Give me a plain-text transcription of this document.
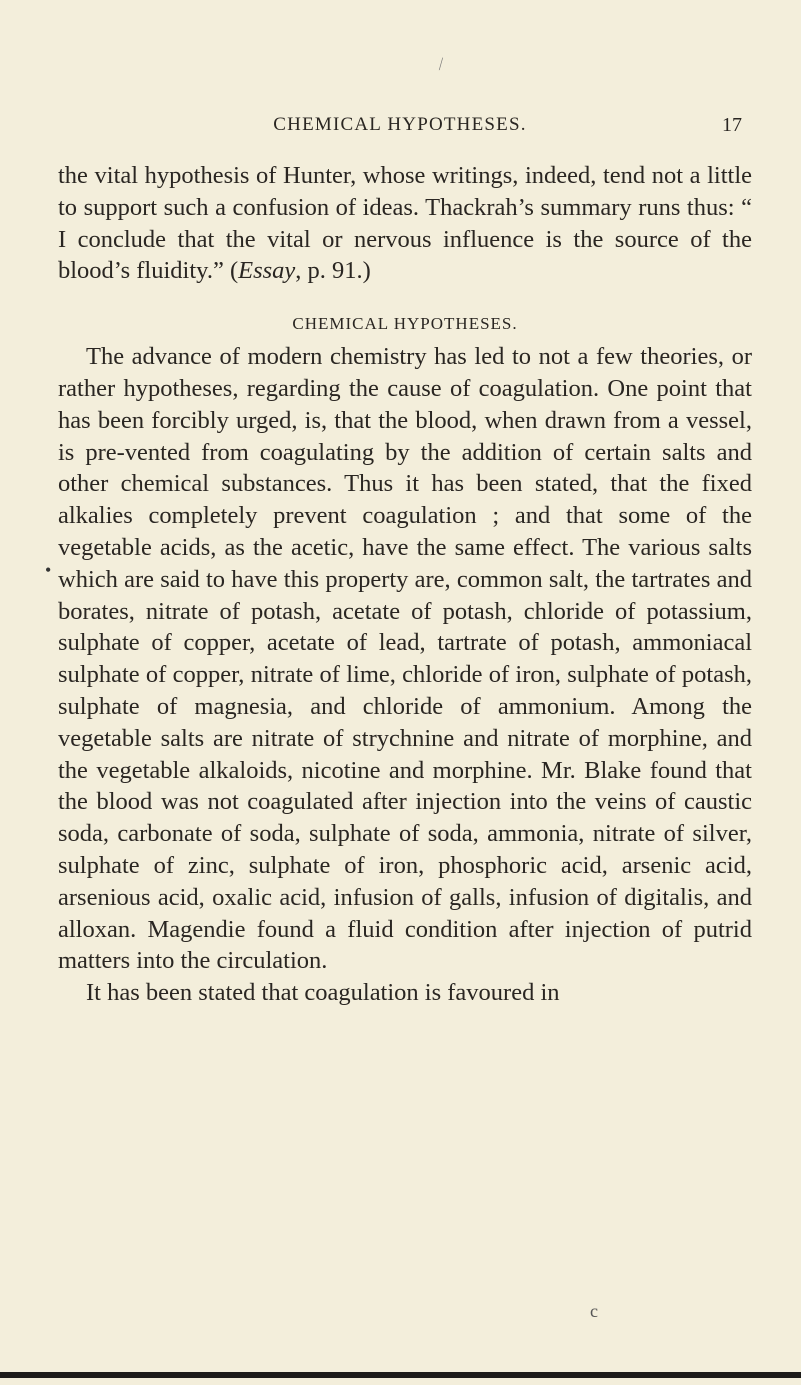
⁄
CHEMICAL HYPOTHESES.	17

the vital hypothesis of Hunter, whose writings, indeed, tend not a little to support such a confusion of ideas. Thackrah’s summary runs thus: “ I conclude that the vital or nervous influence is the source of the blood’s fluidity.” (Essay, p. 91.)

CHEMICAL HYPOTHESES.

The advance of modern chemistry has led to not a few theories, or rather hypotheses, regarding the cause of coagulation. One point that has been forcibly urged, is, that the blood, when drawn from a vessel, is pre-vented from coagulating by the addition of certain salts and other chemical substances. Thus it has been stated, that the fixed alkalies completely prevent coagulation ; and that some of the vegetable acids, as the acetic, have the same effect. The various salts which are said to have this property are, common salt, the tartrates and borates, nitrate of potash, acetate of potash, chloride of potassium, sulphate of copper, acetate of lead, tartrate of potash, ammoniacal sulphate of copper, nitrate of lime, chloride of iron, sulphate of potash, sulphate of magnesia, and chloride of ammonium. Among the vegetable salts are nitrate of strychnine and nitrate of morphine, and the vegetable alkaloids, nicotine and morphine. Mr. Blake found that the blood was not coagulated after injection into the veins of caustic soda, carbonate of soda, sulphate of soda, ammonia, nitrate of silver, sulphate of zinc, sulphate of iron, phosphoric acid, arsenic acid, arsenious acid, oxalic acid, infusion of galls, infusion of digitalis, and alloxan. Magendie found a fluid condition after injection of putrid matters into the circulation.

It has been stated that coagulation is favoured in

•
c
